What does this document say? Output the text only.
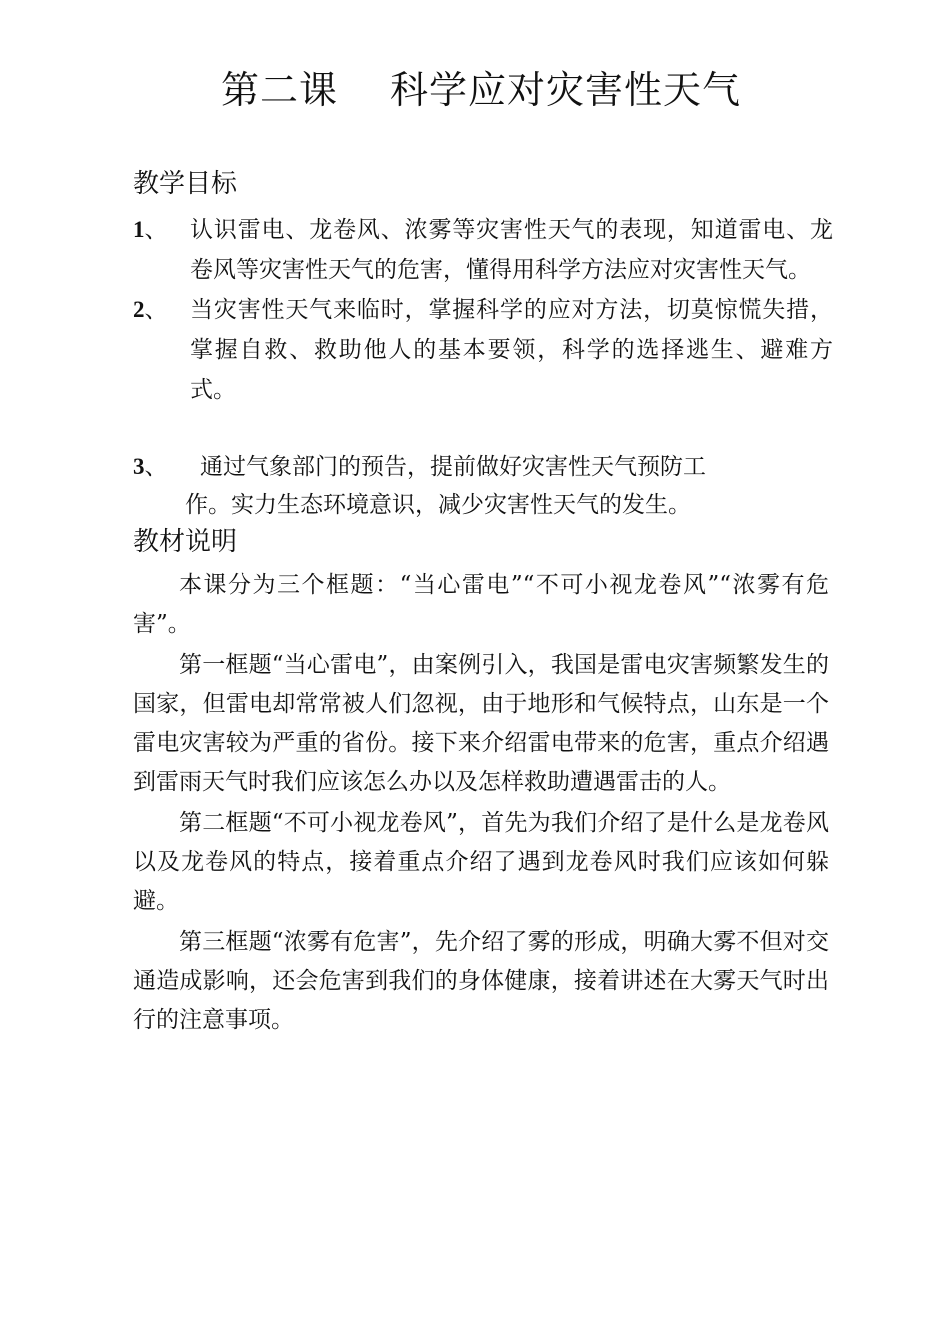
第二课　 科学应对灾害性天气
教学目标
1、 认识雷电、龙卷风、浓雾等灾害性天气的表现，知道雷电、龙卷风等灾害性天气的危害，懂得用科学方法应对灾害性天气。
2、 当灾害性天气来临时，掌握科学的应对方法，切莫惊慌失措，掌握自救、救助他人的基本要领，科学的选择逃生、避难方式。
3、 通过气象部门的预告，提前做好灾害性天气预防工
作。实力生态环境意识，减少灾害性天气的发生。
教材说明

本课分为三个框题：“当心雷电”“不可小视龙卷风”“浓雾有危害”。

第一框题“当心雷电”，由案例引入，我国是雷电灾害频繁发生的国家，但雷电却常常被人们忽视，由于地形和气候特点，山东是一个雷电灾害较为严重的省份。接下来介绍雷电带来的危害，重点介绍遇到雷雨天气时我们应该怎么办以及怎样救助遭遇雷击的人。

第二框题“不可小视龙卷风”，首先为我们介绍了是什么是龙卷风以及龙卷风的特点，接着重点介绍了遇到龙卷风时我们应该如何躲避。

第三框题“浓雾有危害”，先介绍了雾的形成，明确大雾不但对交通造成影响，还会危害到我们的身体健康，接着讲述在大雾天气时出行的注意事项。
